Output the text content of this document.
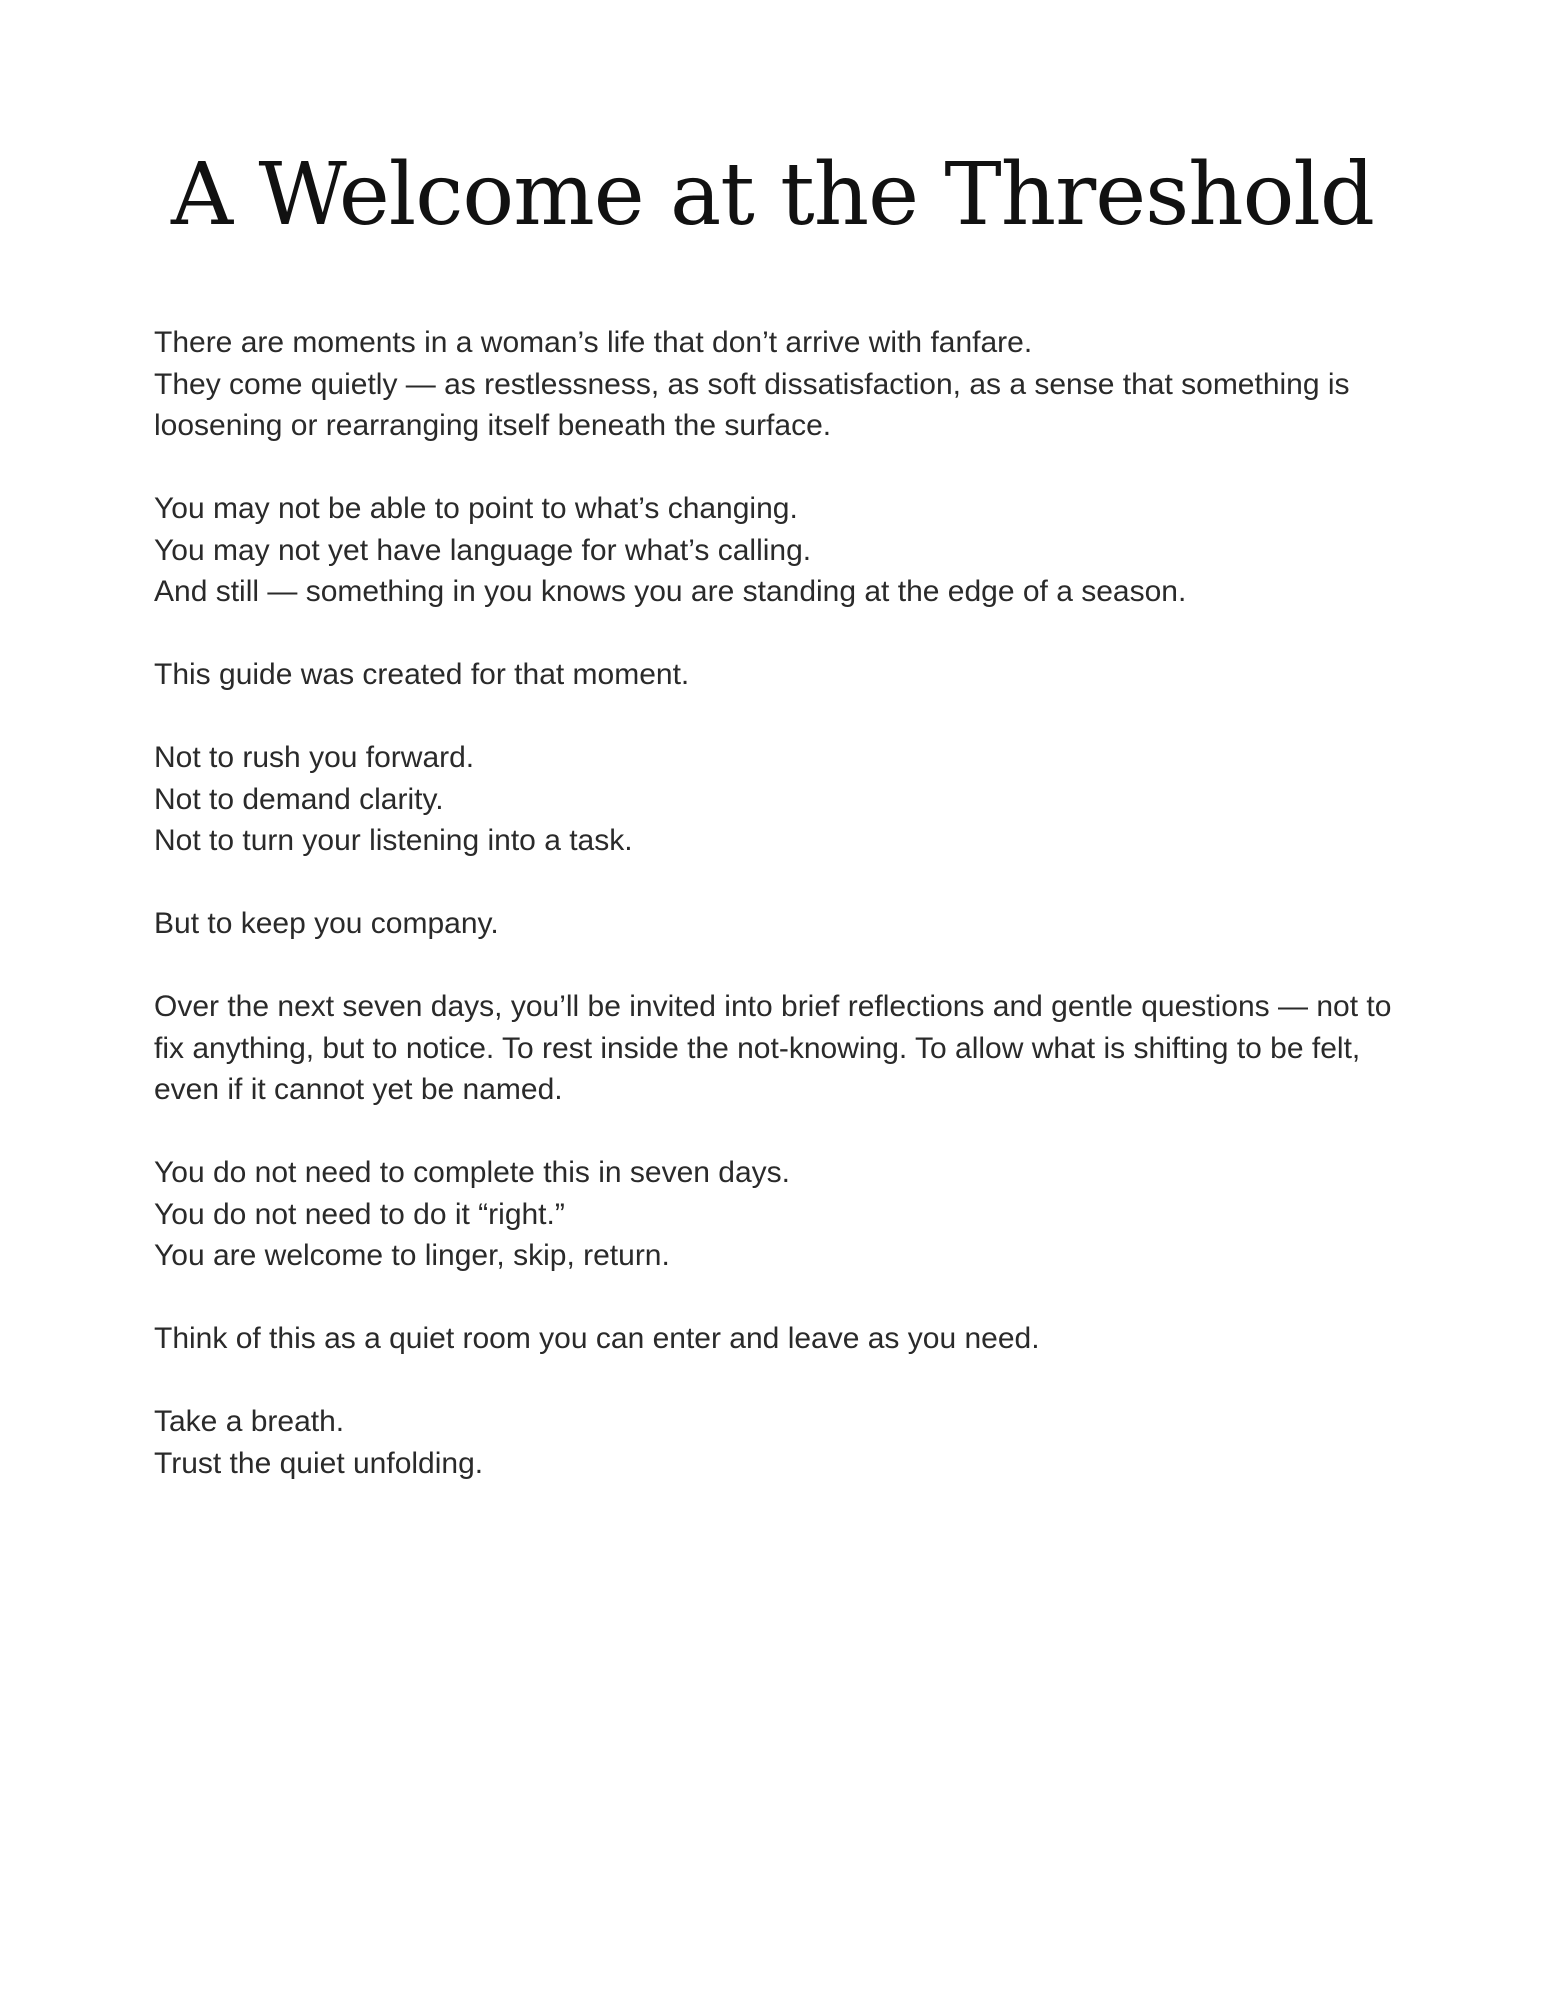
A Welcome at the Threshold

There are moments in a woman’s life that don’t arrive with fanfare.
They come quietly — as restlessness, as soft dissatisfaction, as a sense that something is loosening or rearranging itself beneath the surface.

You may not be able to point to what’s changing.
You may not yet have language for what’s calling.
And still — something in you knows you are standing at the edge of a season.

This guide was created for that moment.

Not to rush you forward.
Not to demand clarity.
Not to turn your listening into a task.

But to keep you company.

Over the next seven days, you’ll be invited into brief reflections and gentle questions — not to fix anything, but to notice. To rest inside the not-knowing. To allow what is shifting to be felt, even if it cannot yet be named.

You do not need to complete this in seven days.
You do not need to do it “right.”
You are welcome to linger, skip, return.

Think of this as a quiet room you can enter and leave as you need.

Take a breath.
Trust the quiet unfolding.
